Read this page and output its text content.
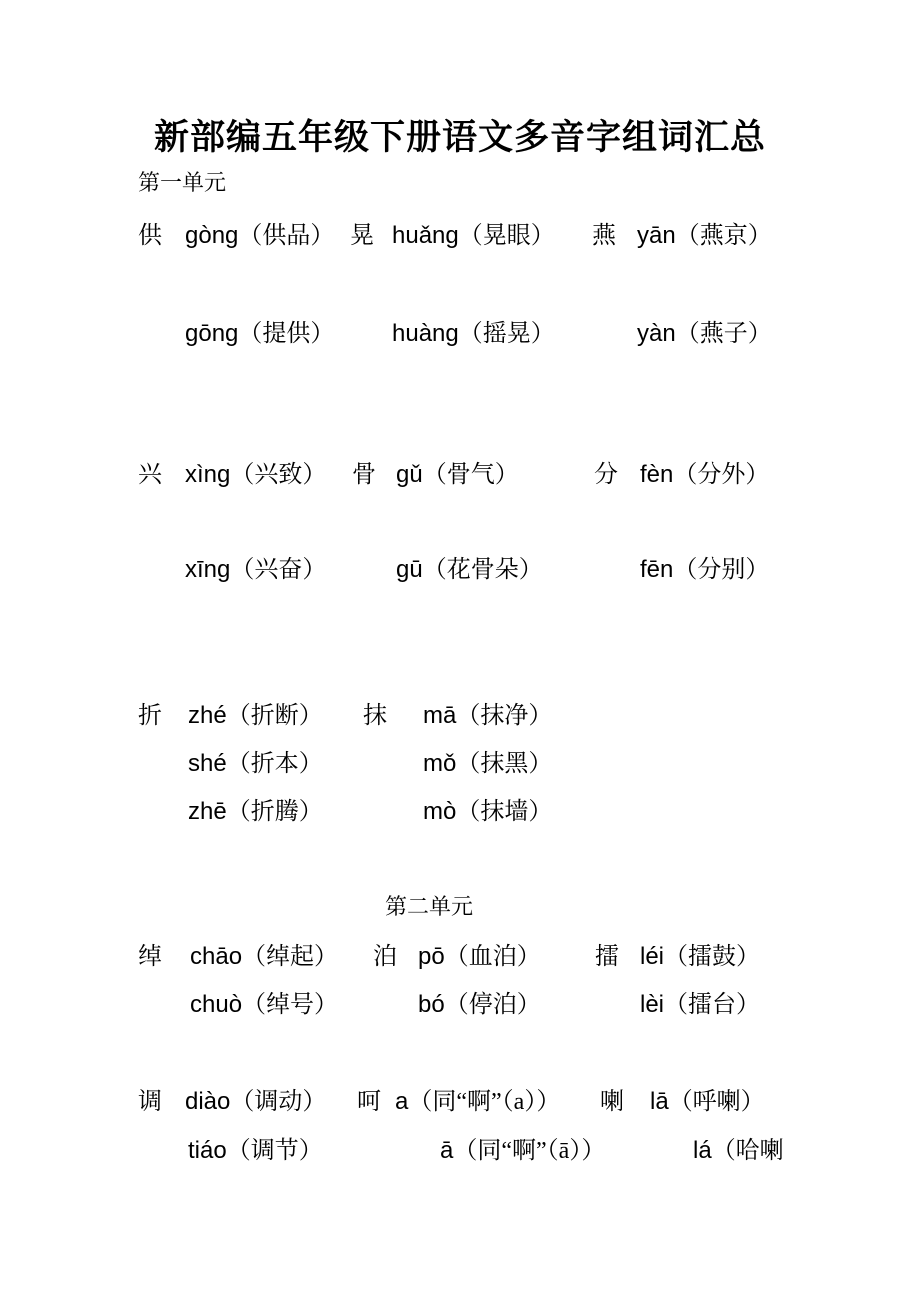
新部编五年级下册语文多音字组词汇总
第一单元
供 gòng（供品） 晃 huǎng（晃眼） 燕 yān（燕京）
gōng（提供） huàng（摇晃）	yàn（燕子）
兴 xìng（兴致） 骨 gǔ（骨气）	分 fèn（分外）
xīng（兴奋）	gū（花骨朵）	fēn（分别）
折 zhé（折断） 抹 mā（抹净）
shé（折本）	mǒ（抹黑）
zhē（折腾）	mò（抹墙）
第二单元
绰 chāo（绰起） 泊 pō（血泊） 擂 léi（擂鼓）
chuò（绰号）	bó（停泊）	lèi（擂台）
调 diào（调动） 呵 a（同“啊”（a）） 喇 lā（呼喇）
tiáo（调节）	ā（同“啊”（ā））	lá（哈喇
